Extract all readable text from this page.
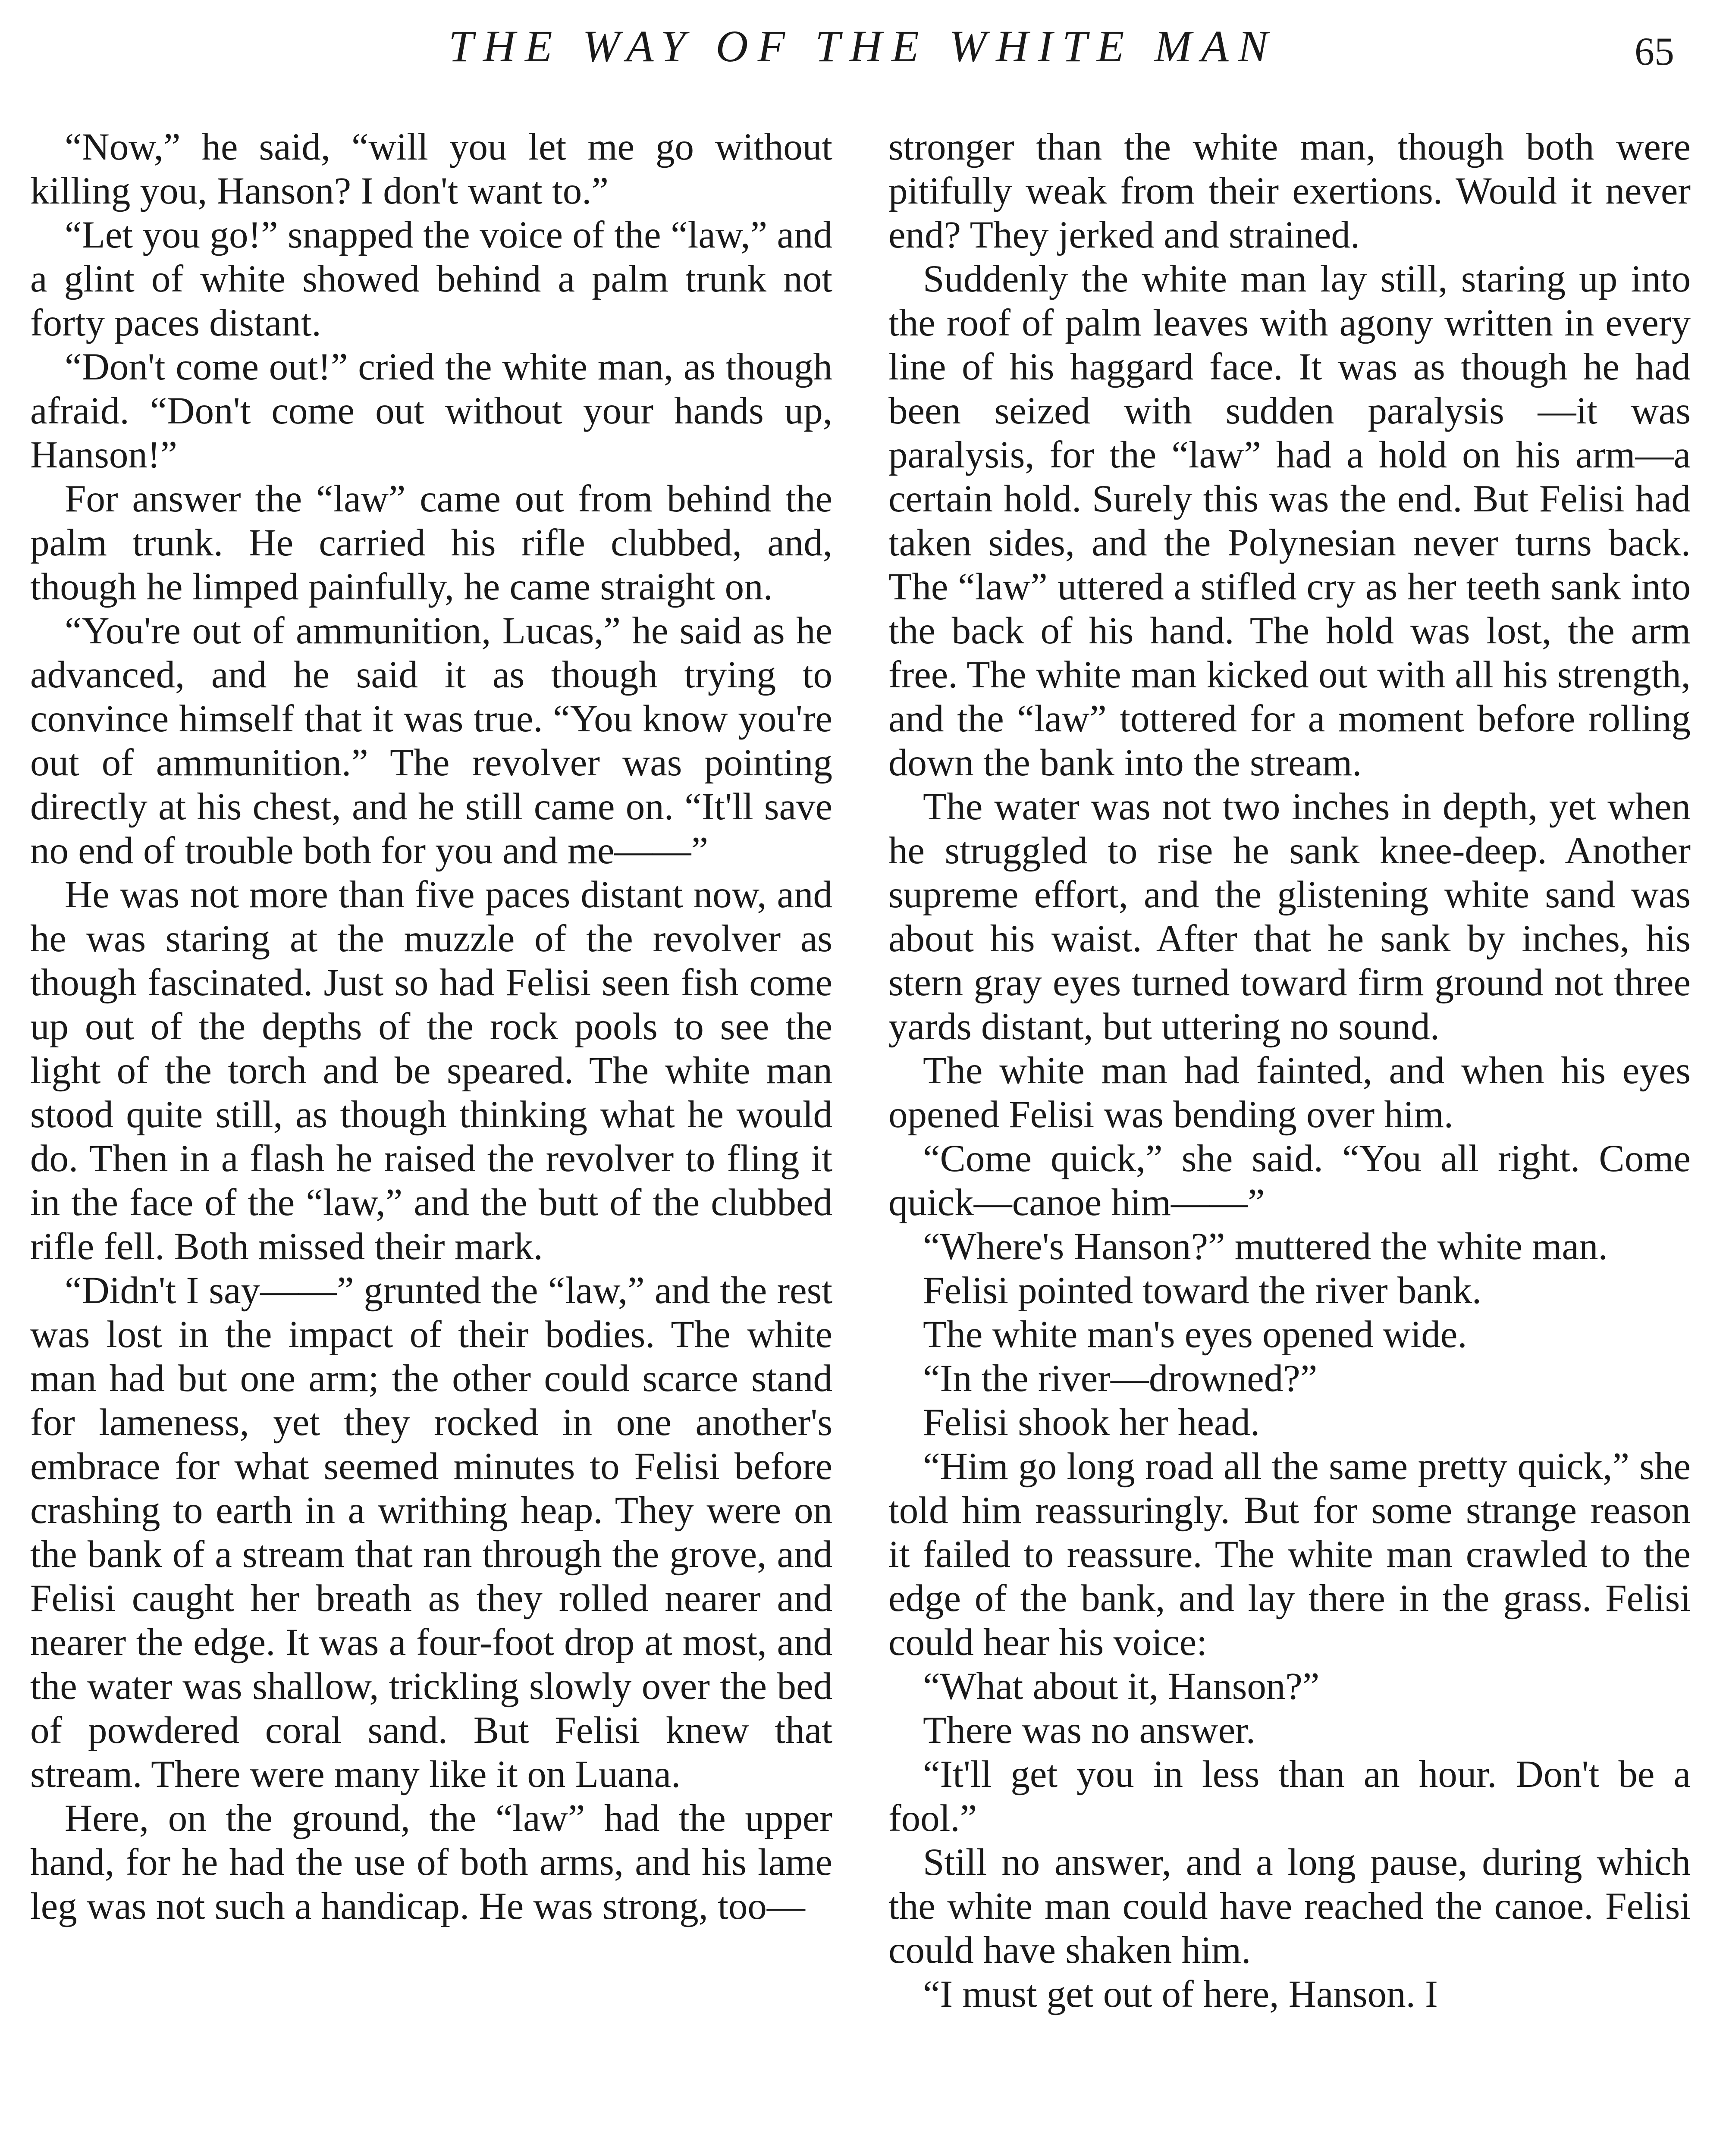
THE WAY OF THE WHITE MAN	65

“Now,” he said, “will you let me go without killing you, Hanson? I don't want to.”

“Let you go!” snapped the voice of the “law,” and a glint of white showed behind a palm trunk not forty paces distant.

“Don't come out!” cried the white man, as though afraid. “Don't come out without your hands up, Hanson!”

For answer the “law” came out from behind the palm trunk. He carried his rifle clubbed, and, though he limped painfully, he came straight on.

“You're out of ammunition, Lucas,” he said as he advanced, and he said it as though trying to convince himself that it was true. “You know you're out of ammunition.” The revolver was pointing directly at his chest, and he still came on. “It'll save no end of trouble both for you and me——”

He was not more than five paces distant now, and he was staring at the muzzle of the revolver as though fascinated. Just so had Felisi seen fish come up out of the depths of the rock pools to see the light of the torch and be speared. The white man stood quite still, as though thinking what he would do. Then in a flash he raised the revolver to fling it in the face of the “law,” and the butt of the clubbed rifle fell. Both missed their mark.

“Didn't I say——” grunted the “law,” and the rest was lost in the impact of their bodies. The white man had but one arm; the other could scarce stand for lameness, yet they rocked in one another's embrace for what seemed minutes to Felisi before crashing to earth in a writhing heap. They were on the bank of a stream that ran through the grove, and Felisi caught her breath as they rolled nearer and nearer the edge. It was a four-foot drop at most, and the water was shallow, trickling slowly over the bed of powdered coral sand. But Felisi knew that stream. There were many like it on Luana.

Here, on the ground, the “law” had the upper hand, for he had the use of both arms, and his lame leg was not such a handicap. He was strong, too—

stronger than the white man, though both were pitifully weak from their exertions. Would it never end? They jerked and strained.

Suddenly the white man lay still, staring up into the roof of palm leaves with agony written in every line of his haggard face. It was as though he had been seized with sudden paralysis —it was paralysis, for the “law” had a hold on his arm—a certain hold. Surely this was the end. But Felisi had taken sides, and the Polynesian never turns back. The “law” uttered a stifled cry as her teeth sank into the back of his hand. The hold was lost, the arm free. The white man kicked out with all his strength, and the “law” tottered for a moment before rolling down the bank into the stream.

The water was not two inches in depth, yet when he struggled to rise he sank knee-deep. Another supreme effort, and the glistening white sand was about his waist. After that he sank by inches, his stern gray eyes turned toward firm ground not three yards distant, but uttering no sound.

The white man had fainted, and when his eyes opened Felisi was bending over him.

“Come quick,” she said. “You all right. Come quick—canoe him——”

“Where's Hanson?” muttered the white man.

Felisi pointed toward the river bank.

The white man's eyes opened wide.

“In the river—drowned?”

Felisi shook her head.

“Him go long road all the same pretty quick,” she told him reassuringly. But for some strange reason it failed to reassure. The white man crawled to the edge of the bank, and lay there in the grass. Felisi could hear his voice:

“What about it, Hanson?”

There was no answer.

“It'll get you in less than an hour. Don't be a fool.”

Still no answer, and a long pause, during which the white man could have reached the canoe. Felisi could have shaken him.

“I must get out of here, Hanson. I
